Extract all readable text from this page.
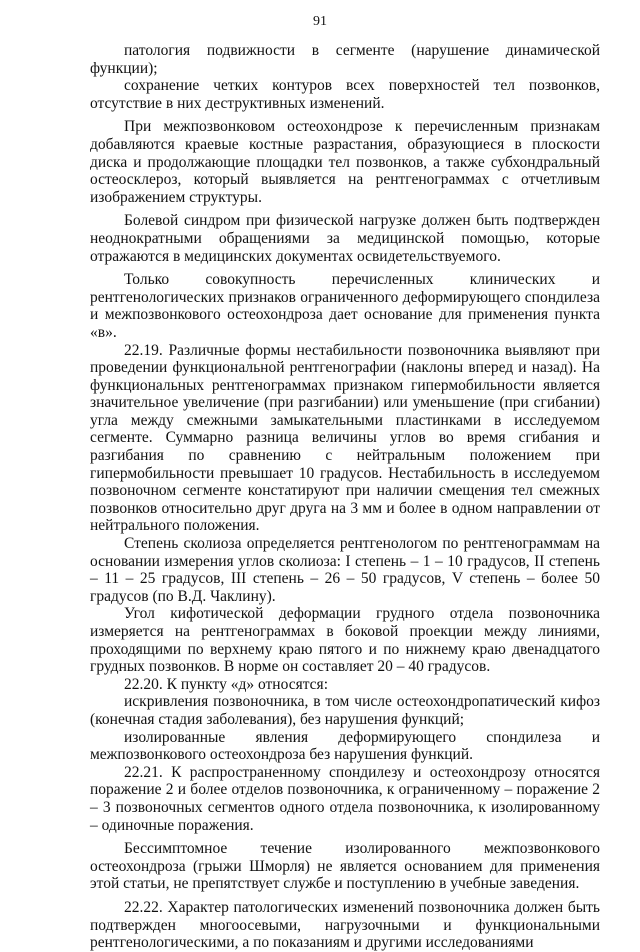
91

патология подвижности в сегменте (нарушение динамической функции);

сохранение четких контуров всех поверхностей тел позвонков, отсутствие в них деструктивных изменений.

При межпозвонковом остеохондрозе к перечисленным признакам добавляются краевые костные разрастания, образующиеся в плоскости диска и продолжающие площадки тел позвонков, а также субхондральный остеосклероз, который выявляется на рентгенограммах с отчетливым изображением структуры.

Болевой синдром при физической нагрузке должен быть подтвержден неоднократными обращениями за медицинской помощью, которые отражаются в медицинских документах освидетельствуемого.

Только совокупность перечисленных клинических и рентгенологических признаков ограниченного деформирующего спондилеза и межпозвонкового остеохондроза дает основание для применения пункта «в».

22.19. Различные формы нестабильности позвоночника выявляют при проведении функциональной рентгенографии (наклоны вперед и назад). На функциональных рентгенограммах признаком гипермобильности является значительное увеличение (при разгибании) или уменьшение (при сгибании) угла между смежными замыкательными пластинками в исследуемом сегменте. Суммарно разница величины углов во время сгибания и разгибания по сравнению с нейтральным положением при гипермобильности превышает 10 градусов. Нестабильность в исследуемом позвоночном сегменте констатируют при наличии смещения тел смежных позвонков относительно друг друга на 3 мм и более в одном направлении от нейтрального положения.

Степень сколиоза определяется рентгенологом по рентгенограммам на основании измерения углов сколиоза: I степень – 1 – 10 градусов, II степень – 11 – 25 градусов, III степень – 26 – 50 градусов, V степень – более 50 градусов (по В.Д. Чаклину).

Угол кифотической деформации грудного отдела позвоночника измеряется на рентгенограммах в боковой проекции между линиями, проходящими по верхнему краю пятого и по нижнему краю двенадцатого грудных позвонков. В норме он составляет 20 – 40 градусов.

22.20. К пункту «д» относятся:

искривления позвоночника, в том числе остеохондропатический кифоз (конечная стадия заболевания), без нарушения функций;

изолированные явления деформирующего спондилеза и межпозвонкового остеохондроза без нарушения функций.

22.21. К распространенному спондилезу и остеохондрозу относятся поражение 2 и более отделов позвоночника, к ограниченному – поражение 2 – 3 позвоночных сегментов одного отдела позвоночника, к изолированному – одиночные поражения.

Бессимптомное течение изолированного межпозвонкового остеохондроза (грыжи Шморля) не является основанием для применения этой статьи, не препятствует службе и поступлению в учебные заведения.

22.22. Характер патологических изменений позвоночника должен быть подтвержден многоосевыми, нагрузочными и функциональными рентгенологическими, а по показаниям и другими исследованиями
